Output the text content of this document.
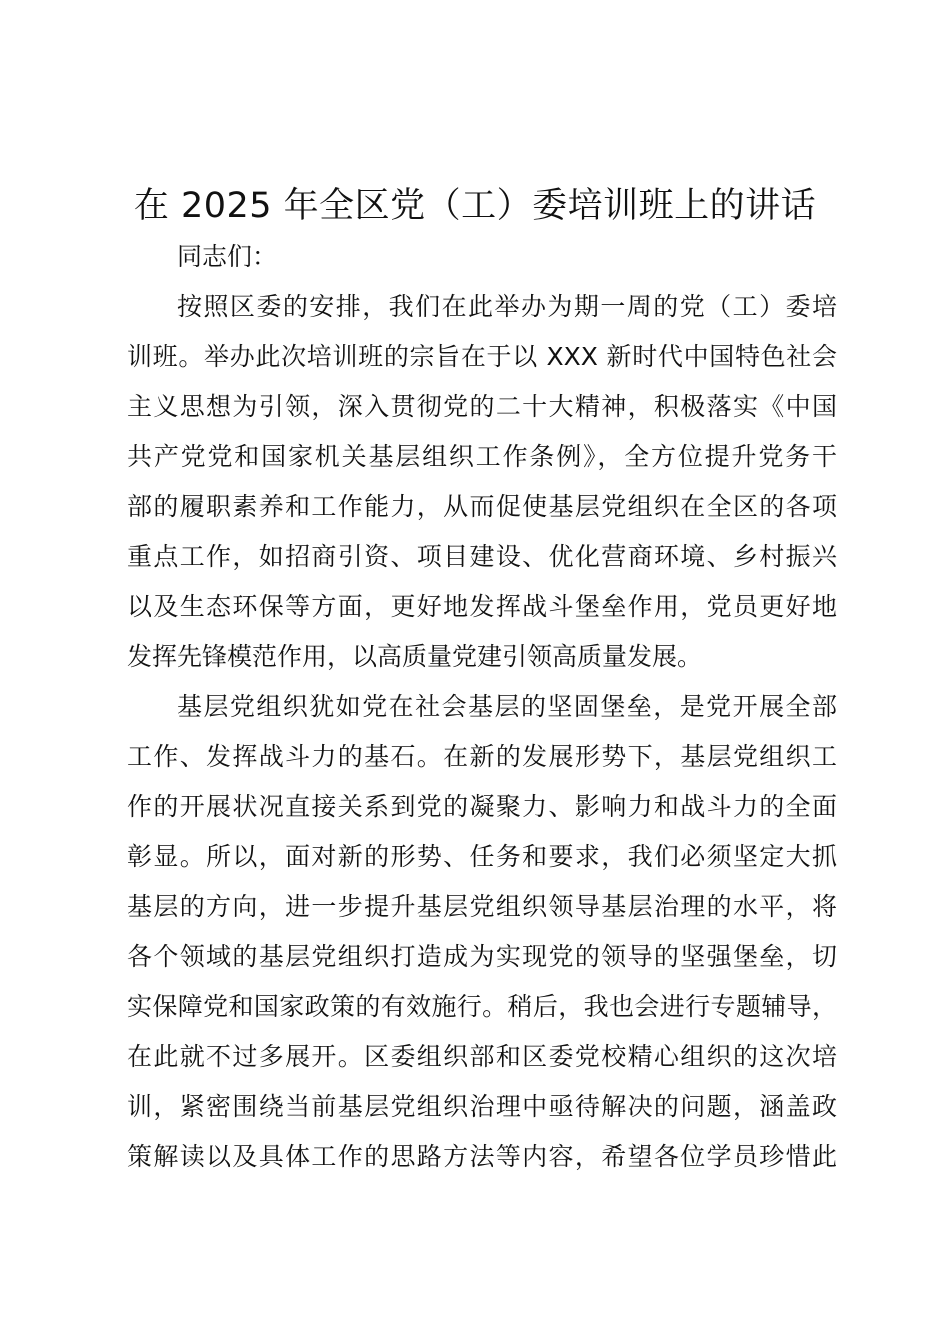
在 2025 年全区党（工）委培训班上的讲话
同志们：
按照区委的安排，我们在此举办为期一周的党（工）委培
训班。举办此次培训班的宗旨在于以 XXX 新时代中国特色社会
主义思想为引领，深入贯彻党的二十大精神，积极落实《中国
共产党党和国家机关基层组织工作条例》，全方位提升党务干
部的履职素养和工作能力，从而促使基层党组织在全区的各项
重点工作，如招商引资、项目建设、优化营商环境、乡村振兴
以及生态环保等方面，更好地发挥战斗堡垒作用，党员更好地
发挥先锋模范作用，以高质量党建引领高质量发展。
基层党组织犹如党在社会基层的坚固堡垒，是党开展全部
工作、发挥战斗力的基石。在新的发展形势下，基层党组织工
作的开展状况直接关系到党的凝聚力、影响力和战斗力的全面
彰显。所以，面对新的形势、任务和要求，我们必须坚定大抓
基层的方向，进一步提升基层党组织领导基层治理的水平，将
各个领域的基层党组织打造成为实现党的领导的坚强堡垒，切
实保障党和国家政策的有效施行。稍后，我也会进行专题辅导，
在此就不过多展开。区委组织部和区委党校精心组织的这次培
训，紧密围绕当前基层党组织治理中亟待解决的问题，涵盖政
策解读以及具体工作的思路方法等内容，希望各位学员珍惜此
